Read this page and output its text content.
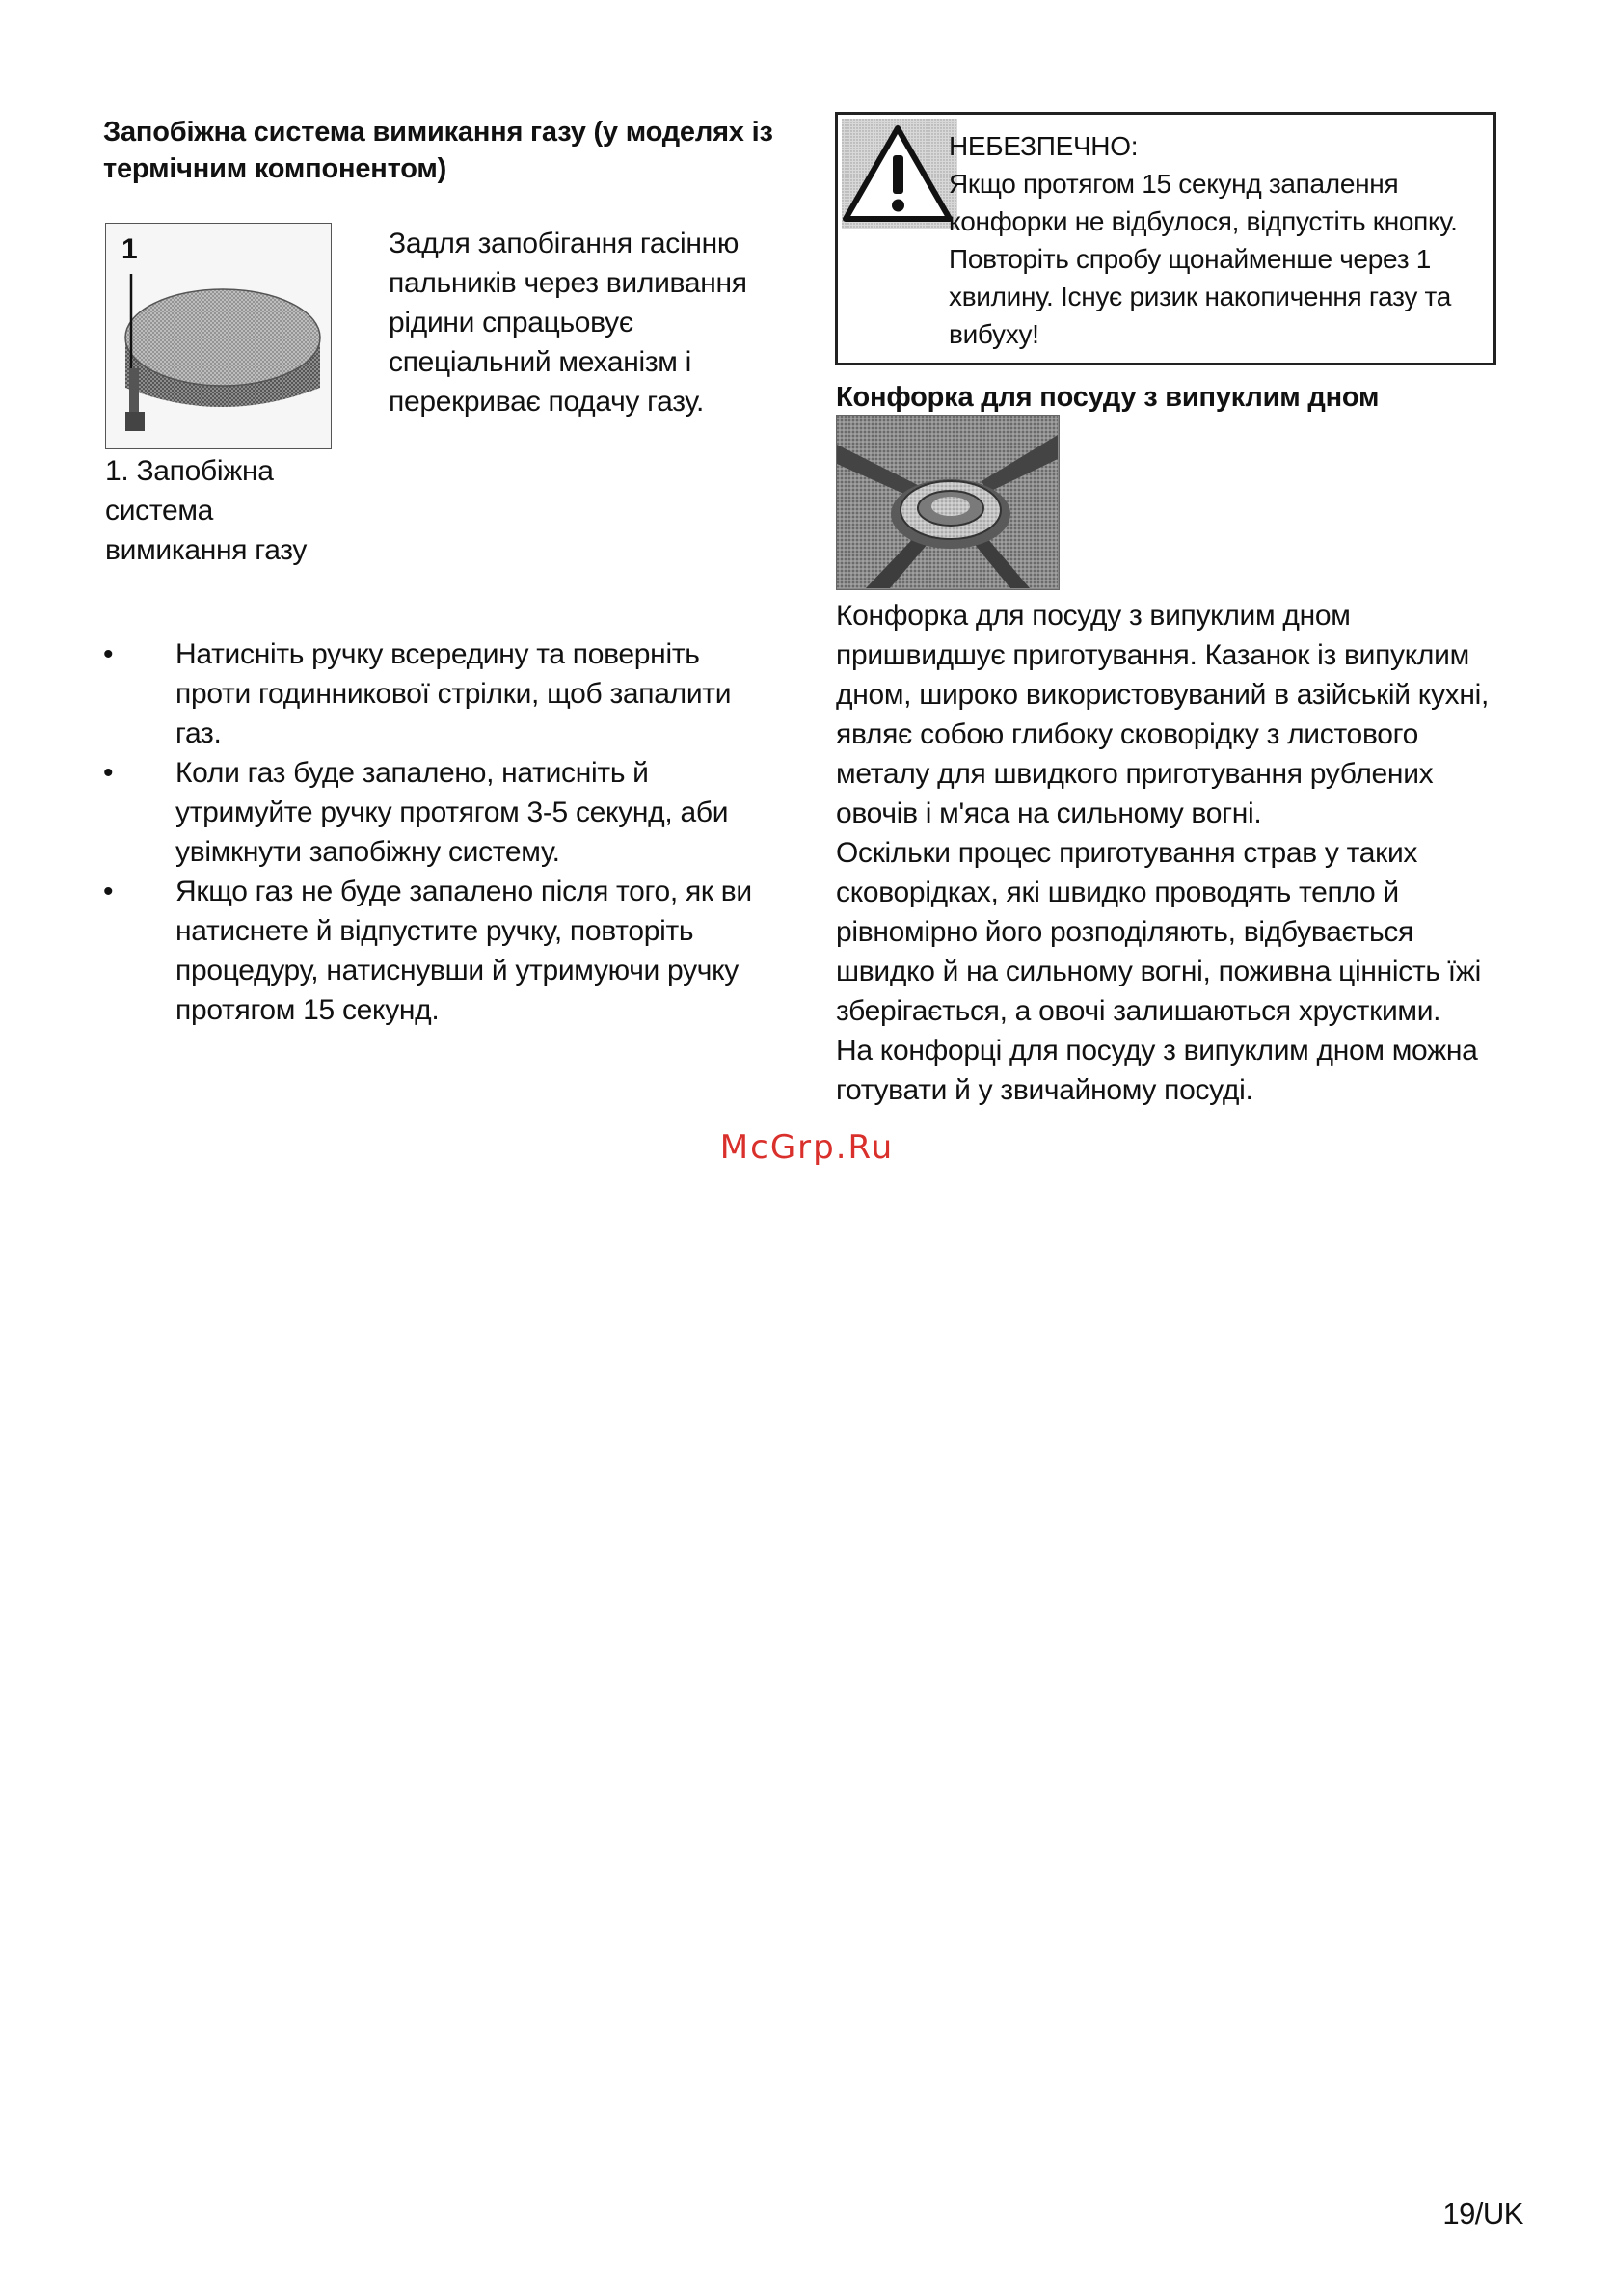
Запобіжна система вимикання газу (у моделях із термічним компонентом)
1
1. Запобіжна система вимикання газу
Задля запобігання гасінню пальників через виливання рідини спрацьовує спеціальний механізм і перекриває подачу газу.
•	Натисніть ручку всередину та поверніть проти годинникової стрілки, щоб запалити газ.
•	Коли газ буде запалено, натисніть й утримуйте ручку протягом 3-5 секунд, аби увімкнути запобіжну систему.
•	Якщо газ не буде запалено після того, як ви натиснете й відпустите ручку, повторіть процедуру, натиснувши й утримуючи ручку протягом 15 секунд.
НЕБЕЗПЕЧНО:
Якщо протягом 15 секунд запалення конфорки не відбулося, відпустіть кнопку. Повторіть спробу щонайменше через 1 хвилину. Існує ризик накопичення газу та вибуху!
Конфорка для посуду з випуклим дном

Конфорка для посуду з випуклим дном пришвидшує приготування. Казанок із випуклим дном, широко використовуваний в азійській кухні, являє собою глибоку сковорідку з листового металу для швидкого приготування рублених овочів і м'яса на сильному вогні.

Оскільки процес приготування страв у таких сковорідках, які швидко проводять тепло й рівномірно його розподіляють, відбувається швидко й на сильному вогні, поживна цінність їжі зберігається, а овочі залишаються хрусткими.

На конфорці для посуду з випуклим дном можна готувати й у звичайному посуді.

McGrp.Ru
19/UK
